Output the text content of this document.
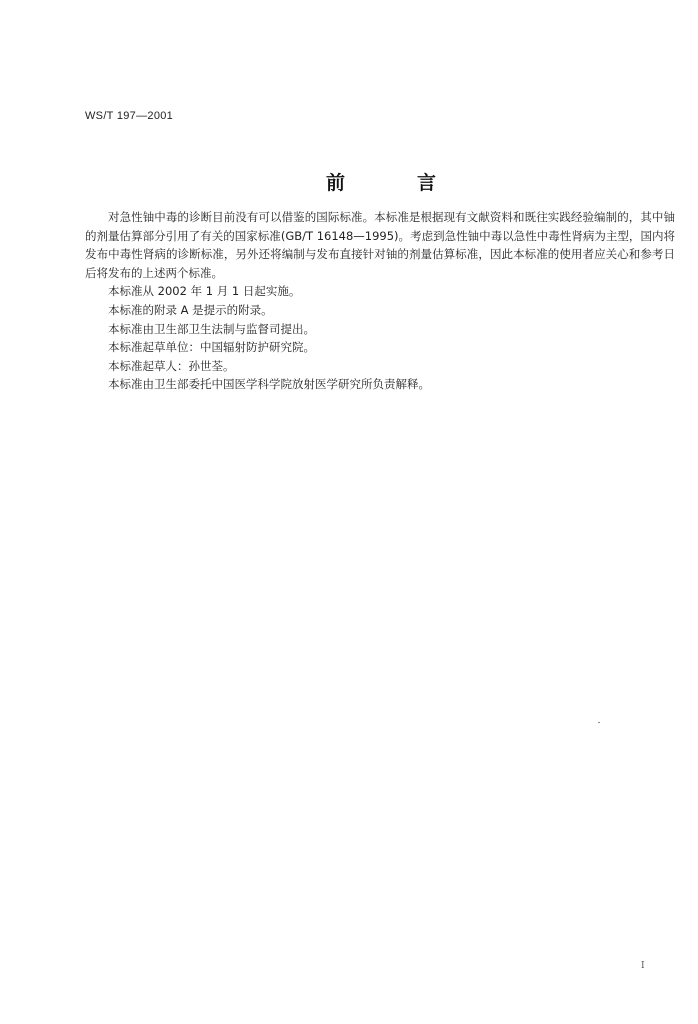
WS/T 197—2001
前	言

对急性铀中毒的诊断目前没有可以借鉴的国际标准。本标准是根据现有文献资料和既往实践经验编制的，其中铀的剂量估算部分引用了有关的国家标准(GB/T 16148—1995)。考虑到急性铀中毒以急性中毒性肾病为主型，国内将发布中毒性肾病的诊断标准，另外还将编制与发布直接针对铀的剂量估算标准，因此本标准的使用者应关心和参考日后将发布的上述两个标准。

本标准从 2002 年 1 月 1 日起实施。

本标准的附录 A 是提示的附录。

本标准由卫生部卫生法制与监督司提出。

本标准起草单位：中国辐射防护研究院。

本标准起草人：孙世荃。

本标准由卫生部委托中国医学科学院放射医学研究所负责解释。

Ⅰ
